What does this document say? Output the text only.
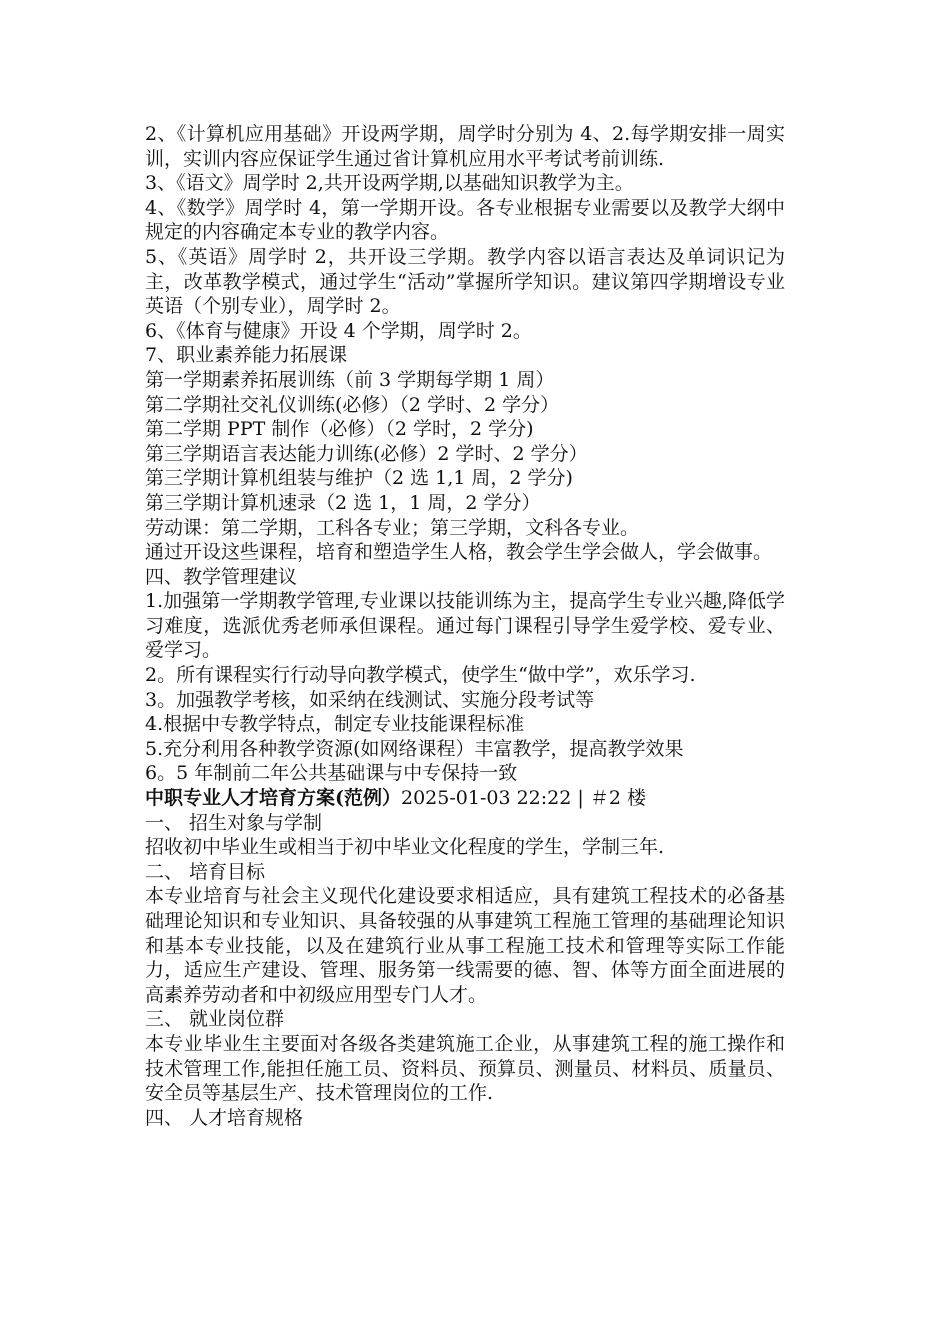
2、《计算机应用基础》开设两学期，周学时分别为 4、2.每学期安排一周实训，实训内容应保证学生通过省计算机应用水平考试考前训练.

3、《语文》周学时 2,共开设两学期,以基础知识教学为主。

4、《数学》周学时 4，第一学期开设。各专业根据专业需要以及教学大纲中规定的内容确定本专业的教学内容。

5、《英语》周学时 2，共开设三学期。教学内容以语言表达及单词识记为主，改革教学模式，通过学生“活动”掌握所学知识。建议第四学期增设专业英语（个别专业），周学时 2。

6、《体育与健康》开设 4 个学期，周学时 2。

7、职业素养能力拓展课

第一学期素养拓展训练（前 3 学期每学期 1 周）

第二学期社交礼仪训练(必修）（2 学时、2 学分）

第二学期 PPT 制作（必修）（2 学时，2 学分)

第三学期语言表达能力训练(必修）2 学时、2 学分）

第三学期计算机组装与维护（2 选 1,1 周，2 学分)

第三学期计算机速录（2 选 1，1 周，2 学分）

劳动课：第二学期，工科各专业；第三学期，文科各专业。

通过开设这些课程，培育和塑造学生人格，教会学生学会做人，学会做事。

四、教学管理建议

1.加强第一学期教学管理,专业课以技能训练为主，提高学生专业兴趣,降低学习难度，选派优秀老师承但课程。通过每门课程引导学生爱学校、爱专业、爱学习。

2。所有课程实行行动导向教学模式，使学生“做中学”，欢乐学习.

3。加强教学考核，如采纳在线测试、实施分段考试等

4.根据中专教学特点，制定专业技能课程标准

5.充分利用各种教学资源(如网络课程）丰富教学，提高教学效果

6。5 年制前二年公共基础课与中专保持一致

中职专业人才培育方案(范例）2025-01-03 22:22 | ＃2 楼

一、 招生对象与学制

招收初中毕业生或相当于初中毕业文化程度的学生，学制三年.

二、 培育目标

本专业培育与社会主义现代化建设要求相适应，具有建筑工程技术的必备基础理论知识和专业知识、具备较强的从事建筑工程施工管理的基础理论知识和基本专业技能，以及在建筑行业从事工程施工技术和管理等实际工作能力，适应生产建设、管理、服务第一线需要的德、智、体等方面全面进展的高素养劳动者和中初级应用型专门人才。

三、 就业岗位群

本专业毕业生主要面对各级各类建筑施工企业，从事建筑工程的施工操作和技术管理工作,能担任施工员、资料员、预算员、测量员、材料员、质量员、安全员等基层生产、技术管理岗位的工作.

四、 人才培育规格
